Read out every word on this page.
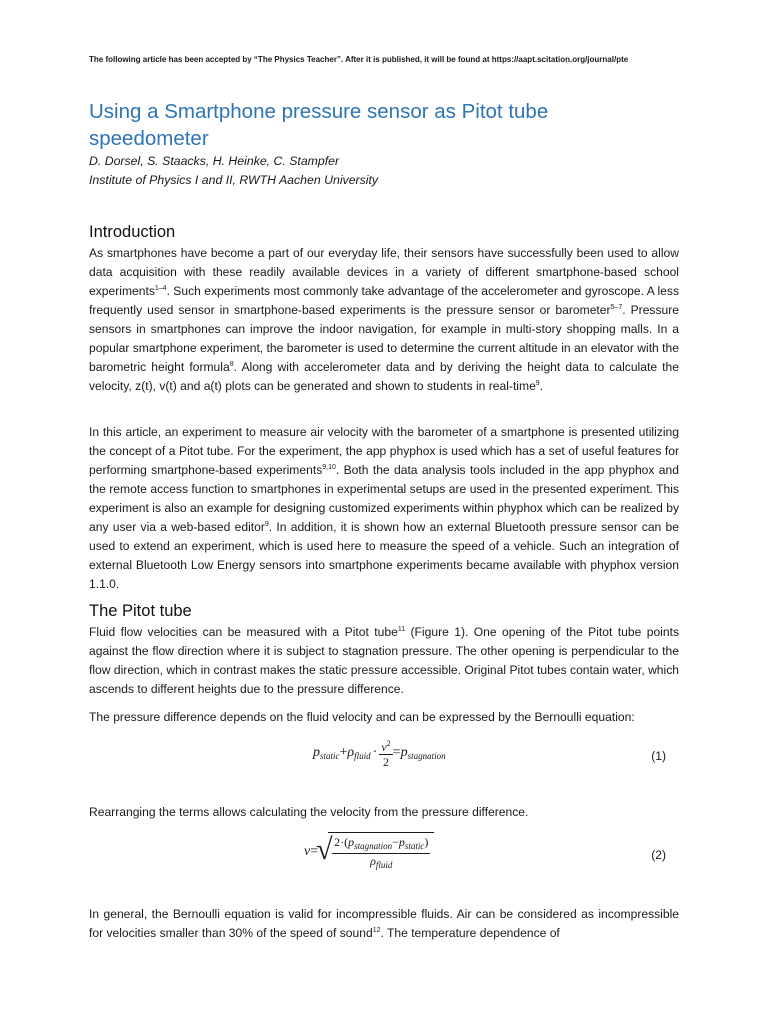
The following article has been accepted by “The Physics Teacher”. After it is published, it will be found at https://aapt.scitation.org/journal/pte
Using a Smartphone pressure sensor as Pitot tube speedometer
D. Dorsel, S. Staacks, H. Heinke, C. Stampfer
Institute of Physics I and II, RWTH Aachen University
Introduction

As smartphones have become a part of our everyday life, their sensors have successfully been used to allow data acquisition with these readily available devices in a variety of different smartphone-based school experiments$^{1-4}$. Such experiments most commonly take advantage of the accelerometer and gyroscope. A less frequently used sensor in smartphone-based experiments is the pressure sensor or barometer$^{5-7}$. Pressure sensors in smartphones can improve the indoor navigation, for example in multi-story shopping malls. In a popular smartphone experiment, the barometer is used to determine the current altitude in an elevator with the barometric height formula$^8$. Along with accelerometer data and by deriving the height data to calculate the velocity, z(t), v(t) and a(t) plots can be generated and shown to students in real-time$^9$.

In this article, an experiment to measure air velocity with the barometer of a smartphone is presented utilizing the concept of a Pitot tube. For the experiment, the app phyphox is used which has a set of useful features for performing smartphone-based experiments$^{9,10}$. Both the data analysis tools included in the app phyphox and the remote access function to smartphones in experimental setups are used in the presented experiment. This experiment is also an example for designing customized experiments within phyphox which can be realized by any user via a web-based editor$^9$. In addition, it is shown how an external Bluetooth pressure sensor can be used to extend an experiment, which is used here to measure the speed of a vehicle. Such an integration of external Bluetooth Low Energy sensors into smartphone experiments became available with phyphox version 1.1.0.

The Pitot tube

Fluid flow velocities can be measured with a Pitot tube$^{11}$ (Figure 1). One opening of the Pitot tube points against the flow direction where it is subject to stagnation pressure. The other opening is perpendicular to the flow direction, which in contrast makes the static pressure accessible. Original Pitot tubes contain water, which ascends to different heights due to the pressure difference.

The pressure difference depends on the fluid velocity and can be expressed by the Bernoulli equation:

$p_{static}+\rho_{fluid} \cdot \frac{v^2}{2} =p_{stagnation}$	(1)

Rearranging the terms allows calculating the velocity from the pressure difference.

v=
√ $\frac{2\cdot(p_{stagnation}-p_{static})}{\rho_{fluid}}$	(2)

In general, the Bernoulli equation is valid for incompressible fluids. Air can be considered as incompressible for velocities smaller than 30% of the speed of sound$^{12}$. The temperature dependence of
